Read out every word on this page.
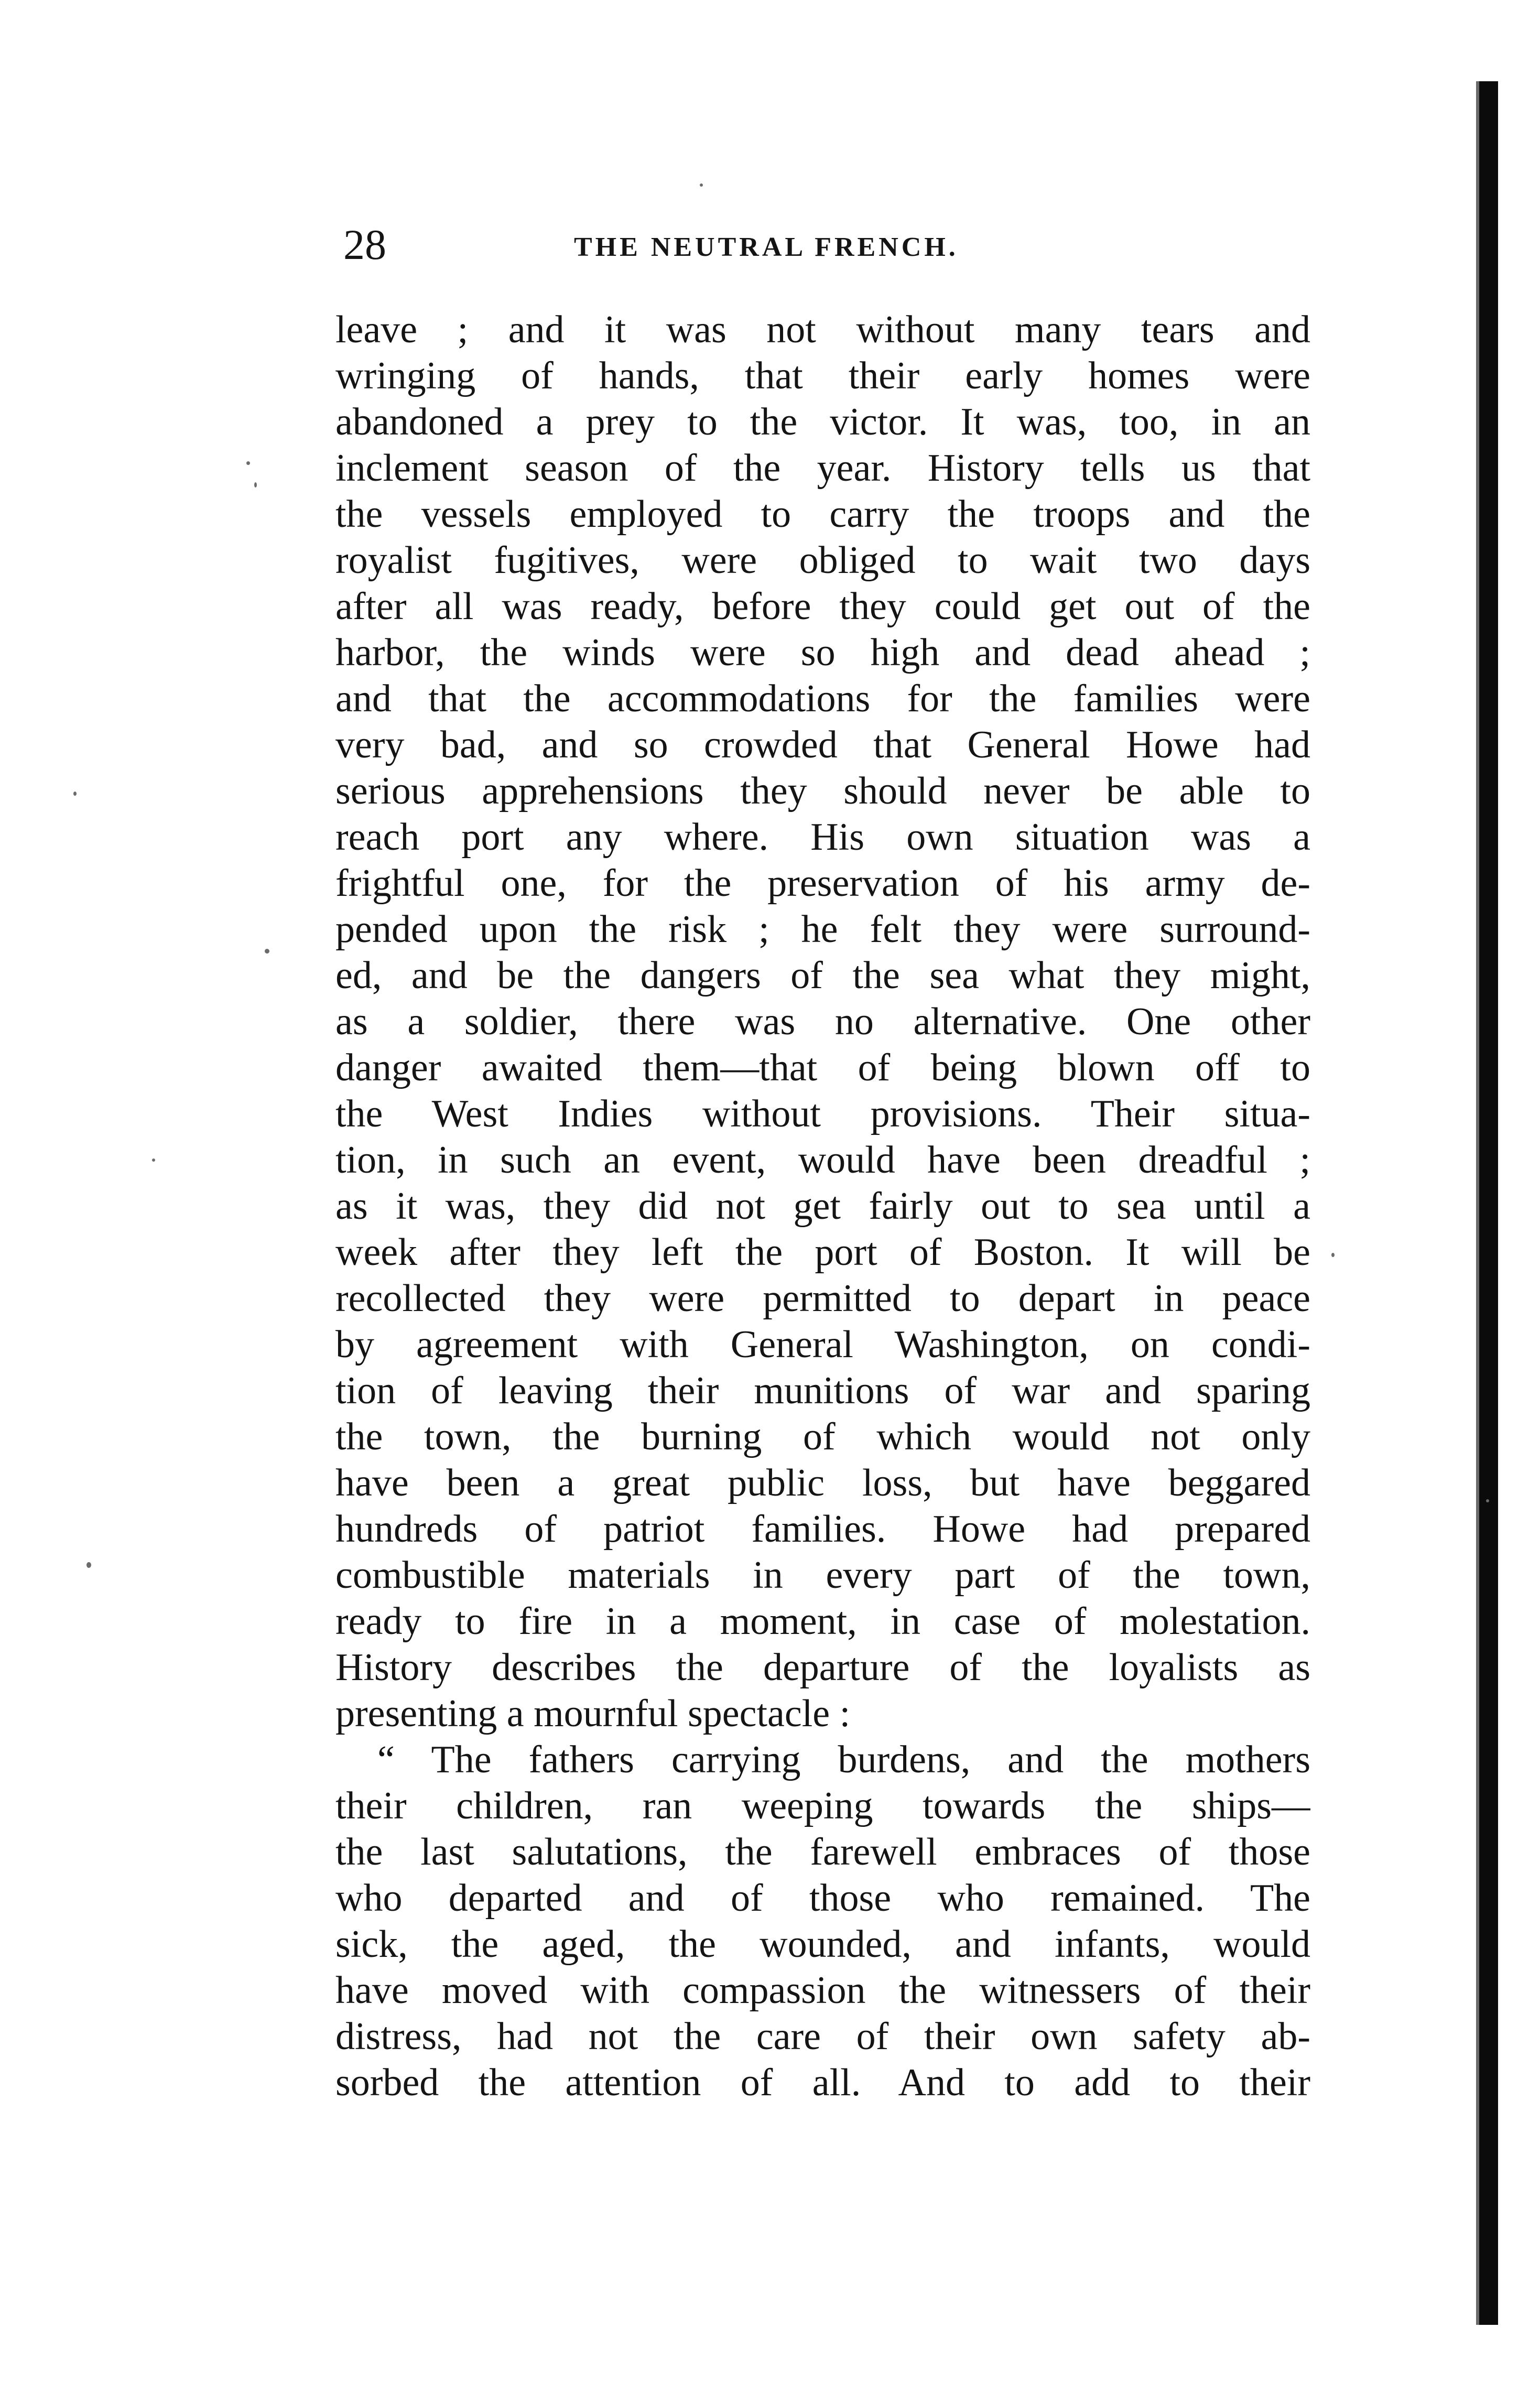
28	THE NEUTRAL FRENCH.
leave ; and it was not without many tears and
wringing of hands, that their early homes were
abandoned a prey to the victor. It was, too, in an
inclement season of the year. History tells us that
the vessels employed to carry the troops and the
royalist fugitives, were obliged to wait two days
after all was ready, before they could get out of the
harbor, the winds were so high and dead ahead ;
and that the accommodations for the families were
very bad, and so crowded that General Howe had
serious apprehensions they should never be able to
reach port any where. His own situation was a
frightful one, for the preservation of his army de-
pended upon the risk ; he felt they were surround-
ed, and be the dangers of the sea what they might,
as a soldier, there was no alternative. One other
danger awaited them—that of being blown off to
the West Indies without provisions. Their situa-
tion, in such an event, would have been dreadful ;
as it was, they did not get fairly out to sea until a
week after they left the port of Boston. It will be
recollected they were permitted to depart in peace
by agreement with General Washington, on condi-
tion of leaving their munitions of war and sparing
the town, the burning of which would not only
have been a great public loss, but have beggared
hundreds of patriot families. Howe had prepared
combustible materials in every part of the town,
ready to fire in a moment, in case of molestation.
History describes the departure of the loyalists as
presenting a mournful spectacle :
“ The fathers carrying burdens, and the mothers
their children, ran weeping towards the ships—
the last salutations, the farewell embraces of those
who departed and of those who remained. The
sick, the aged, the wounded, and infants, would
have moved with compassion the witnessers of their
distress, had not the care of their own safety ab-
sorbed the attention of all. And to add to their
